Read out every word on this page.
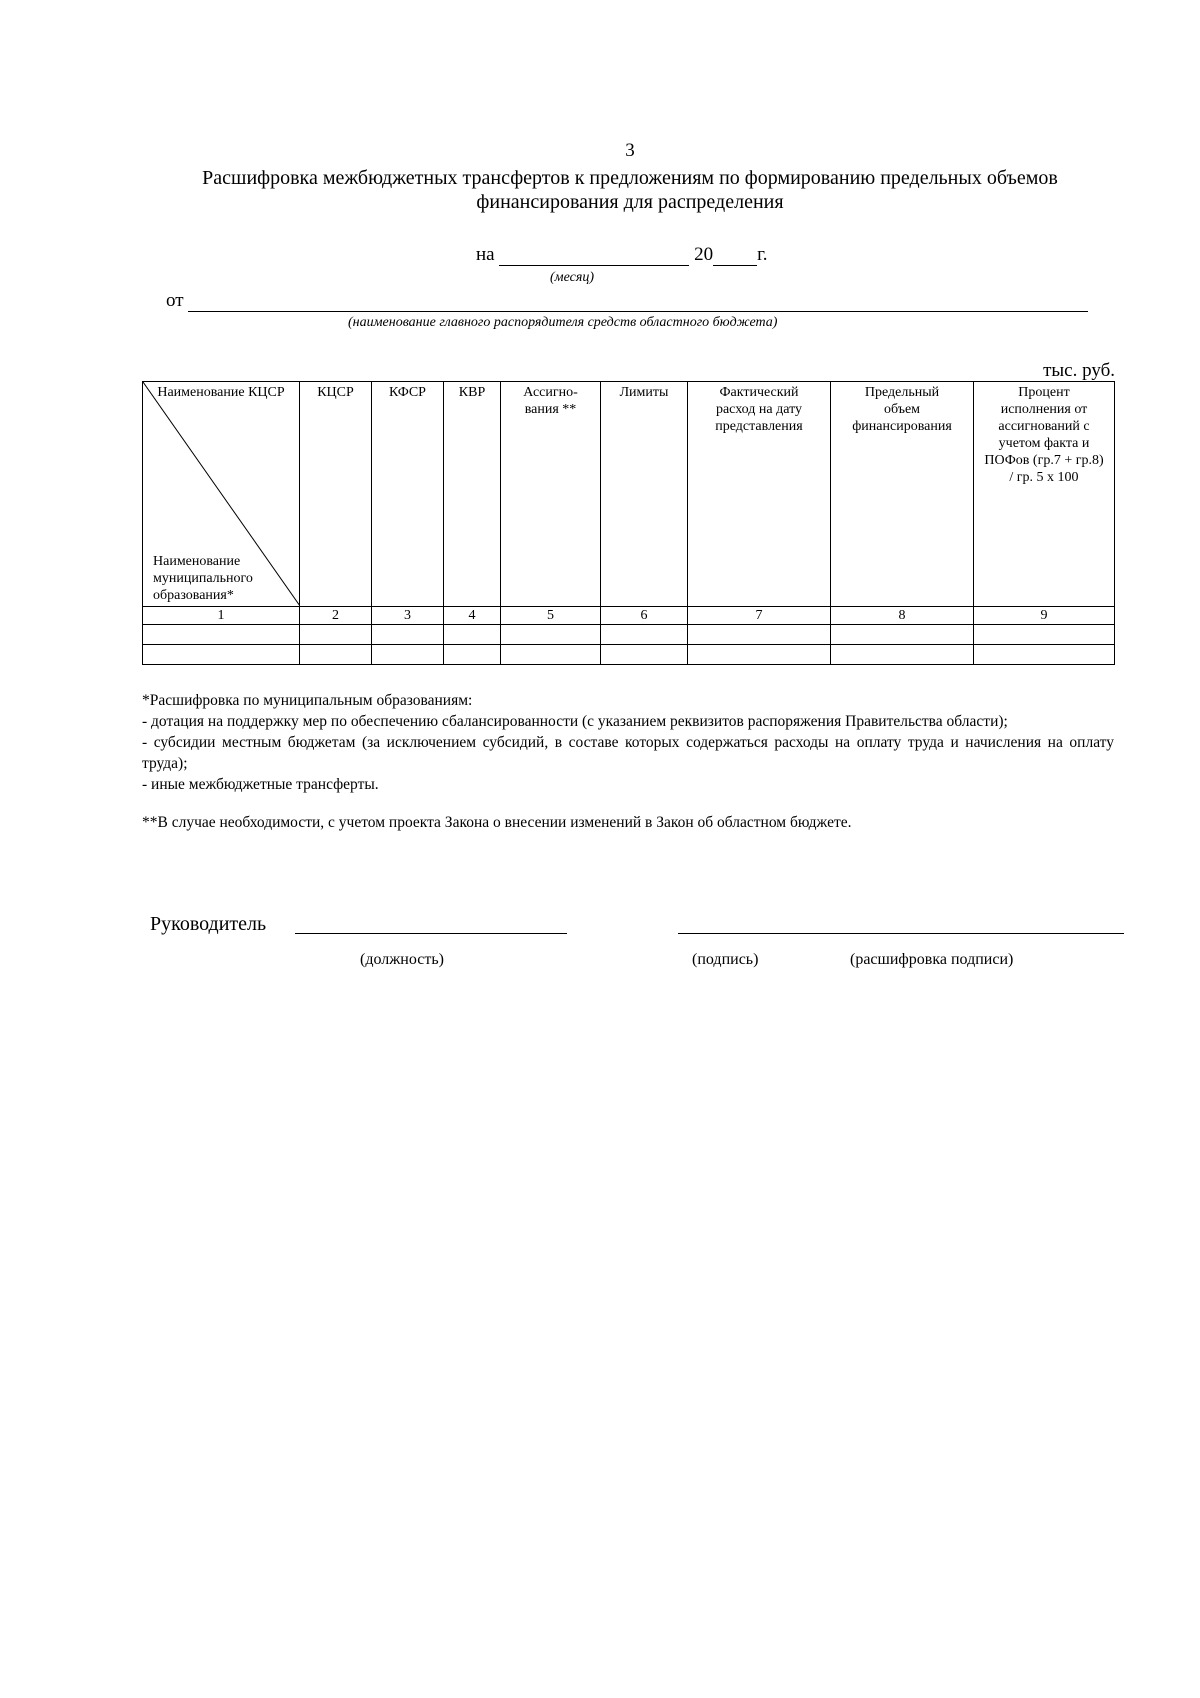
3
Расшифровка межбюджетных трансфертов к предложениям по формированию предельных объемов финансирования для распределения
на	20 г.
(месяц)
от
(наименование главного распорядителя средств областного бюджета)
тыс. руб.
Наименование КЦСР
Наименование муниципального образования*	КЦСР	КФСР	КВР	Ассигно-вания **	Лимиты	Фактический расход на дату представления	Предельный объем финансирования	Процент исполнения от ассигнований с учетом факта и ПОФов (гр.7 + гр.8) / гр. 5 х 100
1	2	3	4	5	6	7	8	9

*Расшифровка по муниципальным образованиям:

- дотация на поддержку мер по обеспечению сбалансированности (с указанием реквизитов распоряжения Правительства области);

- субсидии местным бюджетам (за исключением субсидий, в составе которых содержаться расходы на оплату труда и начисления на оплату труда);

- иные межбюджетные трансферты.

**В случае необходимости, с учетом проекта Закона о внесении изменений в Закон об областном бюджете.

Руководитель
(должность)	(подпись)	(расшифровка подписи)
